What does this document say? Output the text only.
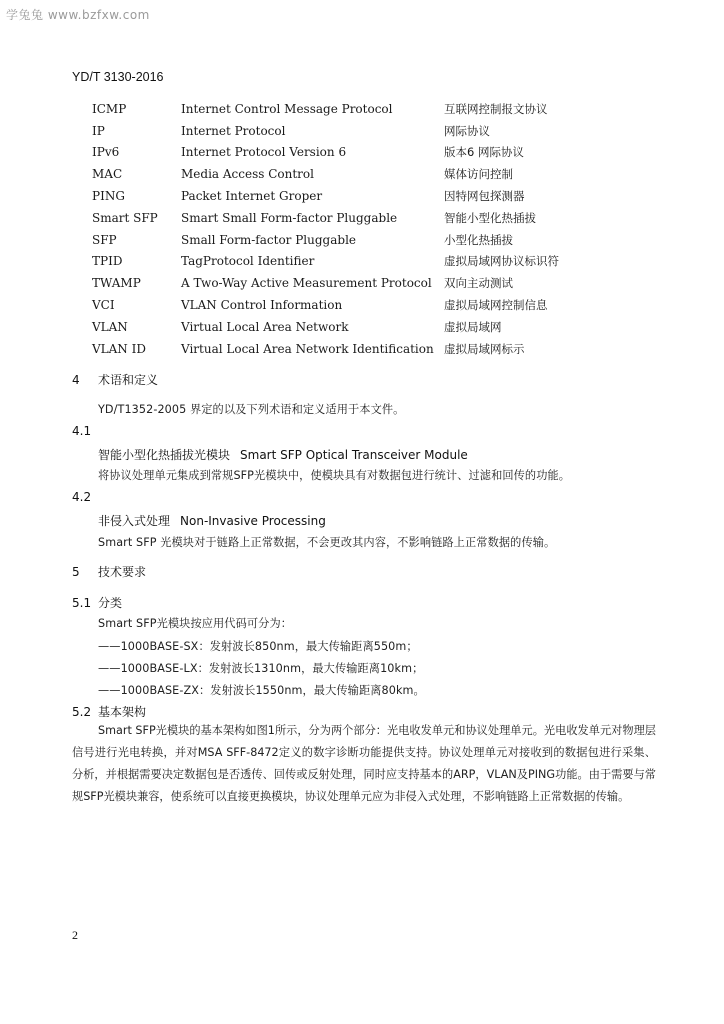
学兔兔 www.bzfxw.com
YD/T 3130-2016
ICMP	Internet Control Message Protocol	互联网控制报文协议
IP	Internet Protocol	网际协议
IPv6	Internet Protocol Version 6	版本6 网际协议
MAC	Media Access Control	媒体访问控制
PING	Packet Internet Groper	因特网包探测器
Smart SFP	Smart Small Form-factor Pluggable	智能小型化热插拔
SFP	Small Form-factor Pluggable	小型化热插拔
TPID	TagProtocol Identifier	虚拟局域网协议标识符
TWAMP	A Two-Way Active Measurement Protocol	双向主动测试
VCI	VLAN Control Information	虚拟局域网控制信息
VLAN	Virtual Local Area Network	虚拟局域网
VLAN ID	Virtual Local Area Network Identification	虚拟局域网标示
4 术语和定义
YD/T1352-2005 界定的以及下列术语和定义适用于本文件。
4.1
智能小型化热插拔光模块 Smart SFP Optical Transceiver Module
将协议处理单元集成到常规SFP光模块中，使模块具有对数据包进行统计、过滤和回传的功能。
4.2
非侵入式处理 Non-Invasive Processing
Smart SFP 光模块对于链路上正常数据，不会更改其内容，不影响链路上正常数据的传输。
5 技术要求
5.1 分类
Smart SFP光模块按应用代码可分为：
——1000BASE-SX：发射波长850nm，最大传输距离550m；
——1000BASE-LX：发射波长1310nm，最大传输距离10km；
——1000BASE-ZX：发射波长1550nm，最大传输距离80km。
5.2 基本架构
Smart SFP光模块的基本架构如图1所示，分为两个部分：光电收发单元和协议处理单元。光电收发单元对物理层信号进行光电转换，并对MSA SFF-8472定义的数字诊断功能提供支持。协议处理单元对接收到的数据包进行采集、分析，并根据需要决定数据包是否透传、回传或反射处理，同时应支持基本的ARP，VLAN及PING功能。由于需要与常规SFP光模块兼容，使系统可以直接更换模块，协议处理单元应为非侵入式处理，不影响链路上正常数据的传输。
2
